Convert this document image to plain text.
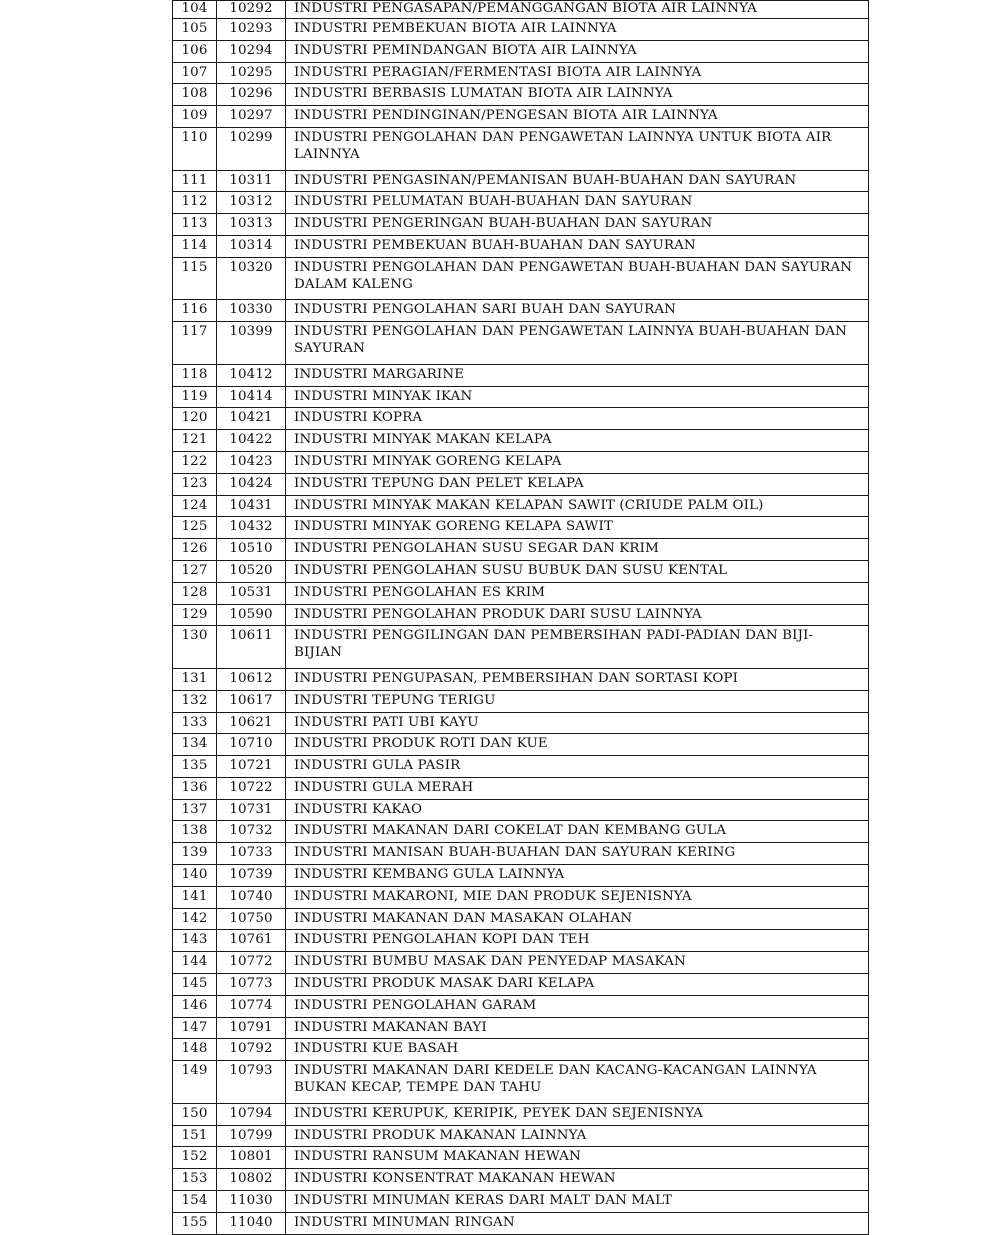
104	10292	INDUSTRI PENGASAPAN/PEMANGGANGAN BIOTA AIR LAINNYA
105	10293	INDUSTRI PEMBEKUAN BIOTA AIR LAINNYA
106	10294	INDUSTRI PEMINDANGAN BIOTA AIR LAINNYA
107	10295	INDUSTRI PERAGIAN/FERMENTASI BIOTA AIR LAINNYA
108	10296	INDUSTRI BERBASIS LUMATAN BIOTA AIR LAINNYA
109	10297	INDUSTRI PENDINGINAN/PENGESAN BIOTA AIR LAINNYA
110	10299	INDUSTRI PENGOLAHAN DAN PENGAWETAN LAINNYA UNTUK BIOTA AIR LAINNYA
111	10311	INDUSTRI PENGASINAN/PEMANISAN BUAH-BUAHAN DAN SAYURAN
112	10312	INDUSTRI PELUMATAN BUAH-BUAHAN DAN SAYURAN
113	10313	INDUSTRI PENGERINGAN BUAH-BUAHAN DAN SAYURAN
114	10314	INDUSTRI PEMBEKUAN BUAH-BUAHAN DAN SAYURAN
115	10320	INDUSTRI PENGOLAHAN DAN PENGAWETAN BUAH-BUAHAN DAN SAYURAN DALAM KALENG
116	10330	INDUSTRI PENGOLAHAN SARI BUAH DAN SAYURAN
117	10399	INDUSTRI PENGOLAHAN DAN PENGAWETAN LAINNYA BUAH-BUAHAN DAN SAYURAN
118	10412	INDUSTRI MARGARINE
119	10414	INDUSTRI MINYAK IKAN
120	10421	INDUSTRI KOPRA
121	10422	INDUSTRI MINYAK MAKAN KELAPA
122	10423	INDUSTRI MINYAK GORENG KELAPA
123	10424	INDUSTRI TEPUNG DAN PELET KELAPA
124	10431	INDUSTRI MINYAK MAKAN KELAPAN SAWIT (CRIUDE PALM OIL)
125	10432	INDUSTRI MINYAK GORENG KELAPA SAWIT
126	10510	INDUSTRI PENGOLAHAN SUSU SEGAR DAN KRIM
127	10520	INDUSTRI PENGOLAHAN SUSU BUBUK DAN SUSU KENTAL
128	10531	INDUSTRI PENGOLAHAN ES KRIM
129	10590	INDUSTRI PENGOLAHAN PRODUK DARI SUSU LAINNYA
130	10611	INDUSTRI PENGGILINGAN DAN PEMBERSIHAN PADI-PADIAN DAN BIJI-BIJIAN
131	10612	INDUSTRI PENGUPASAN, PEMBERSIHAN DAN SORTASI KOPI
132	10617	INDUSTRI TEPUNG TERIGU
133	10621	INDUSTRI PATI UBI KAYU
134	10710	INDUSTRI PRODUK ROTI DAN KUE
135	10721	INDUSTRI GULA PASIR
136	10722	INDUSTRI GULA MERAH
137	10731	INDUSTRI KAKAO
138	10732	INDUSTRI MAKANAN DARI COKELAT DAN KEMBANG GULA
139	10733	INDUSTRI MANISAN BUAH-BUAHAN DAN SAYURAN KERING
140	10739	INDUSTRI KEMBANG GULA LAINNYA
141	10740	INDUSTRI MAKARONI, MIE DAN PRODUK SEJENISNYA
142	10750	INDUSTRI MAKANAN DAN MASAKAN OLAHAN
143	10761	INDUSTRI PENGOLAHAN KOPI DAN TEH
144	10772	INDUSTRI BUMBU MASAK DAN PENYEDAP MASAKAN
145	10773	INDUSTRI PRODUK MASAK DARI KELAPA
146	10774	INDUSTRI PENGOLAHAN GARAM
147	10791	INDUSTRI MAKANAN BAYI
148	10792	INDUSTRI KUE BASAH
149	10793	INDUSTRI MAKANAN DARI KEDELE DAN KACANG-KACANGAN LAINNYA BUKAN KECAP, TEMPE DAN TAHU
150	10794	INDUSTRI KERUPUK, KERIPIK, PEYEK DAN SEJENISNYA
151	10799	INDUSTRI PRODUK MAKANAN LAINNYA
152	10801	INDUSTRI RANSUM MAKANAN HEWAN
153	10802	INDUSTRI KONSENTRAT MAKANAN HEWAN
154	11030	INDUSTRI MINUMAN KERAS DARI MALT DAN MALT
155	11040	INDUSTRI MINUMAN RINGAN
